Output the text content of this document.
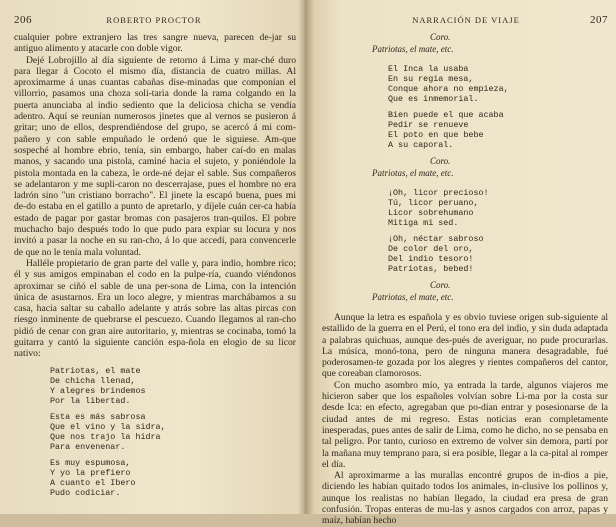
206	ROBERTO PROCTOR

cualquier pobre extranjero las tres sangre nueva, parecen de-jar su antiguo alimento y atacarle con doble vigor.

Dejé Lobrojillo al día siguiente de retorno á Lima y mar-ché duro para llegar á Cocoto el mismo día, distancia de cuatro millas. Al aproximarme á unas cuantas cabañas dise-minadas que componían el villorrio, pasamos una choza soli-taria donde la rama colgando en la puerta anunciaba al indio sediento que la deliciosa chicha se vendía adentro. Aquí se reunían numerosos jinetes que al vernos se pusieron á gritar; uno de ellos, desprendiéndose del grupo, se acercó á mi com-pañero y con sable empuñado le ordenó que le siguiese. Am-que sospeché al hombre ebrio, tenía, sin embargo, haber caí-do en malas manos, y sacando una pistola, caminé hacia el sujeto, y poniéndole la pistola montada en la cabeza, le orde-né dejar el sable. Sus compañeros se adelantaron y me supli-caron no descerrajase, pues el hombre no era ladrón sino "un cristiano borracho". El jinete la escapó buena, pues mi de-do estaba en el gatillo a punto de apretarlo, y díjele cuán cer-ca había estado de pagar por gastar bromas con pasajeros tran-quilos. El pobre muchacho bajo después todo lo que pudo para expiar su locura y nos invitó a pasar la noche en su ran-cho, á lo que accedí, para convencerle de que no le tenía mala voluntad.

Halléle propietario de gran parte del valle y, para indio, hombre rico; él y sus amigos empinaban el codo en la pulpe-ría, cuando viéndonos aproximar se ciñó el sable de una per-sona de Lima, con la intención única de asustarnos. Era un loco alegre, y mientras marchábamos a su casa, hacia saltar su caballo adelante y atrás sobre las altas pircas con riesgo inminente de quebrarse el pescuezo. Cuando llegamos al ran-cho pidió de cenar con gran aire autoritario, y, mientras se cocinaba, tomó la guitarra y cantó la siguiente canción espa-ñola en elogio de su licor nativo:

Patriotas, el mate
De chicha llenad,
Y alegres brindemos
Por la libertad.
Esta es más sabrosa
Que el vino y la sidra,
Que nos trajo la hidra
Para envenenar.
Es muy espumosa,
Y yo la prefiero
A cuanto el Ibero
Pudo codiciar.
NARRACIÓN DE VIAJE	207
Coro.
Patriotas, el mate, etc.
El Inca la usaba
En su regia mesa,
Conque ahora no empieza,
Que es inmemorial.
Bien puede el que acaba
Pedir se renueve
El poto en que bebe
A su caporal.
Coro.
Patriotas, el mate, etc.
¡Oh, licor precioso!
Tú, licor peruano,
Licor sobrehumano
Mitiga mi sed.
¡Oh, néctar sabroso
De color del oro,
Del indio tesoro!
Patriotas, bebed!
Coro.
Patriotas, el mate, etc.

Aunque la letra es española y es obvio tuviese origen sub-siguiente al estallido de la guerra en el Perú, el tono era del indio, y sin duda adaptada a palabras quichuas, aunque des-pués de averiguar, no pude procurarlas. La música, monó-tona, pero de ninguna manera desagradable, fué poderosamen-te gozada por los alegres y rientes compañeros del cantor, que coreaban clamorosos.

Con mucho asombro mío, ya entrada la tarde, algunos viajeros me hicieron saber que los españoles volvían sobre Li-ma por la costa sur desde Ica: en efecto, agregaban que po-dían entrar y posesionarse de la ciudad antes de mi regreso. Estas noticias eran completamente inesperadas, pues antes de salir de Lima, como he dicho, no se pensaba en tal peligro. Por tanto, curioso en extremo de volver sin demora, partí por la mañana muy temprano para, si era posible, llegar a la ca-pital al romper el día.

Al aproximarme a las murallas encontré grupos de in-dios a pie, diciendo les habían quitado todos los animales, in-clusive los pollinos y, aunque los realistas no habían llegado, la ciudad era presa de gran confusión. Tropas enteras de mu-las y asnos cargados con arroz, papas y maíz, habían hecho
